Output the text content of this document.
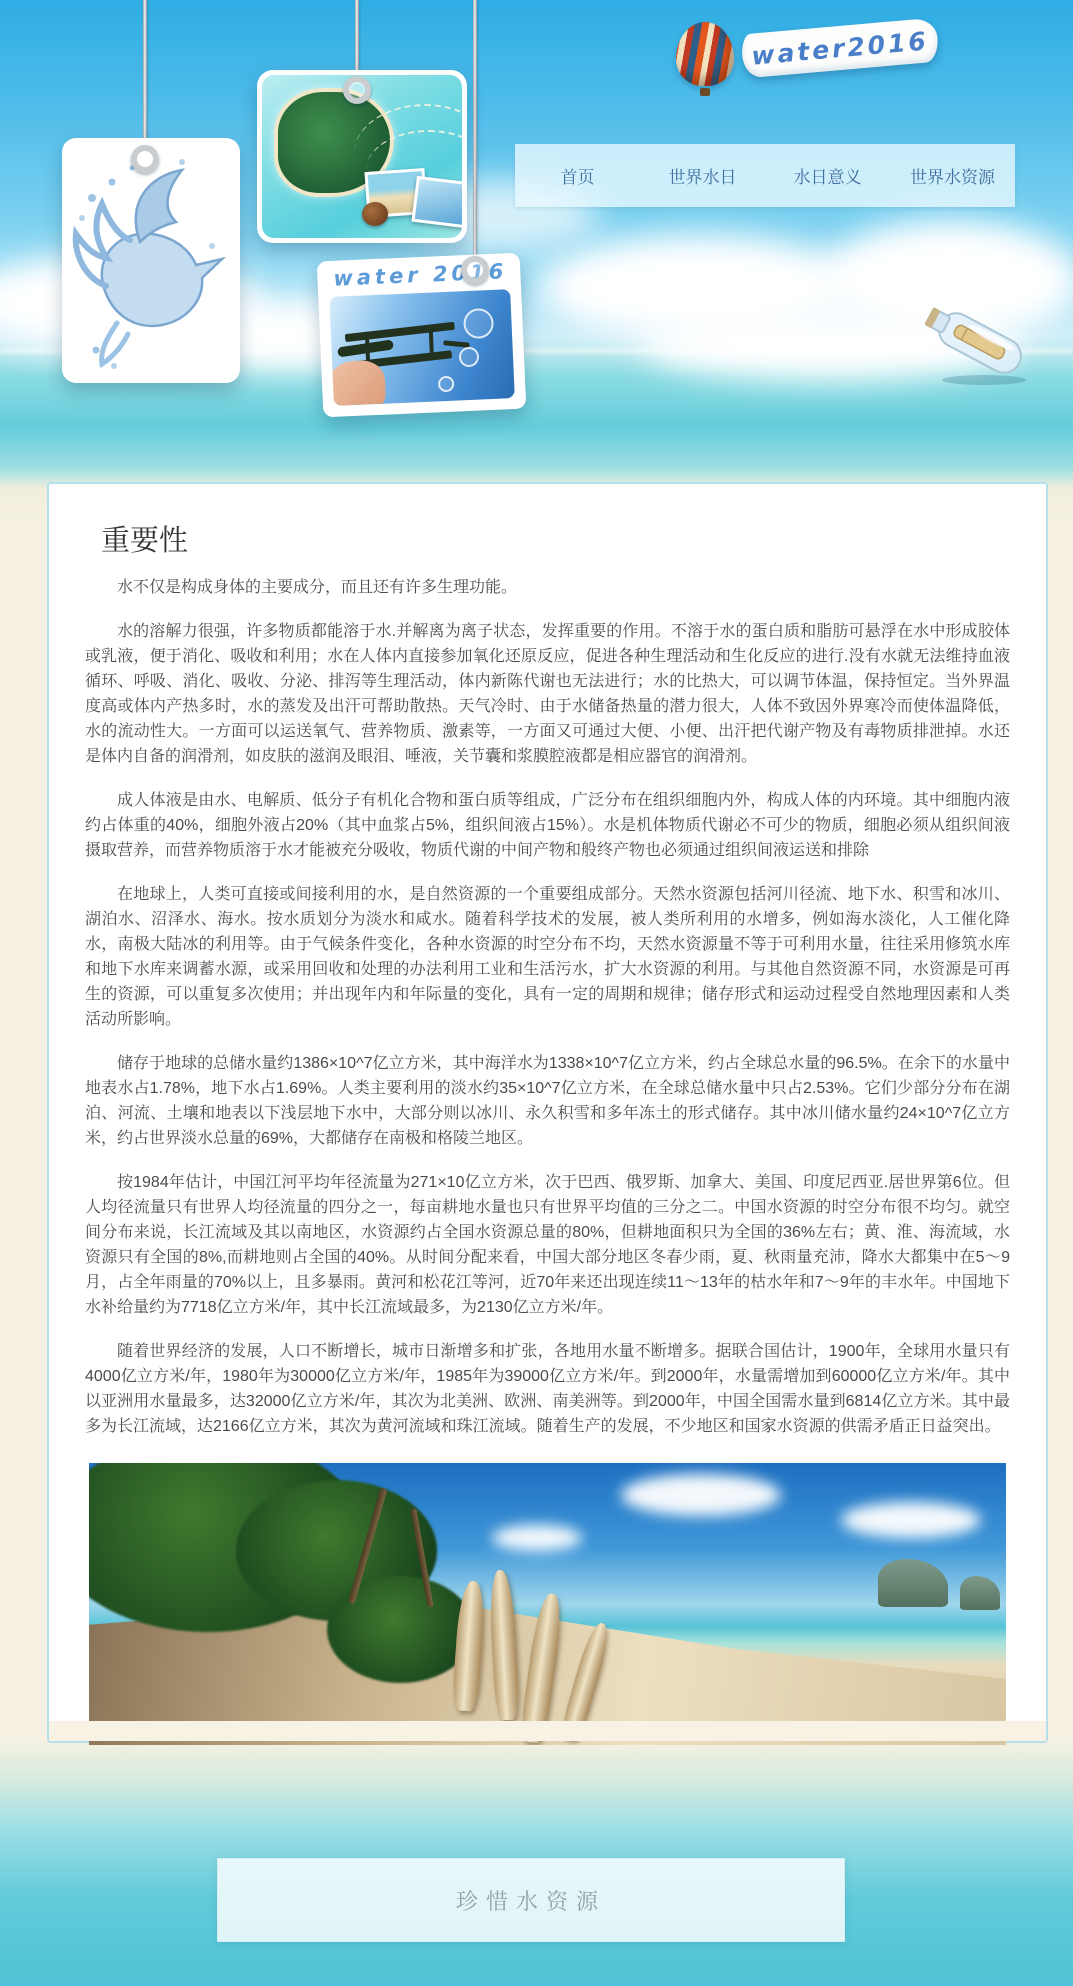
water 2016
water2016
首页	世界水日	水日意义	世界水资源
重要性

水不仅是构成身体的主要成分，而且还有许多生理功能。

水的溶解力很强，许多物质都能溶于水.并解离为离子状态，发挥重要的作用。不溶于水的蛋白质和脂肪可悬浮在水中形成胶体或乳液，便于消化、吸收和利用；水在人体内直接参加氧化还原反应，促进各种生理活动和生化反应的进行.没有水就无法维持血液循环、呼吸、消化、吸收、分泌、排泻等生理活动，体内新陈代谢也无法进行；水的比热大，可以调节体温，保持恒定。当外界温度高或体内产热多时，水的蒸发及出汗可帮助散热。天气冷时、由于水储备热量的潜力很大，人体不致因外界寒冷而使体温降低，水的流动性大。一方面可以运送氧气、营养物质、激素等，一方面又可通过大便、小便、出汗把代谢产物及有毒物质排泄掉。水还是体内自备的润滑剂，如皮肤的滋润及眼泪、唾液，关节囊和浆膜腔液都是相应器官的润滑剂。

成人体液是由水、电解质、低分子有机化合物和蛋白质等组成，广泛分布在组织细胞内外，构成人体的内环境。其中细胞内液约占体重的40%，细胞外液占20%（其中血浆占5%，组织间液占15%）。水是机体物质代谢必不可少的物质，细胞必须从组织间液摄取营养，而营养物质溶于水才能被充分吸收，物质代谢的中间产物和般终产物也必须通过组织间液运送和排除

在地球上，人类可直接或间接利用的水，是自然资源的一个重要组成部分。天然水资源包括河川径流、地下水、积雪和冰川、湖泊水、沼泽水、海水。按水质划分为淡水和咸水。随着科学技术的发展，被人类所利用的水增多，例如海水淡化，人工催化降水，南极大陆冰的利用等。由于气候条件变化，各种水资源的时空分布不均，天然水资源量不等于可利用水量，往往采用修筑水库和地下水库来调蓄水源，或采用回收和处理的办法利用工业和生活污水，扩大水资源的利用。与其他自然资源不同，水资源是可再生的资源，可以重复多次使用；并出现年内和年际量的变化，具有一定的周期和规律；储存形式和运动过程受自然地理因素和人类活动所影响。

储存于地球的总储水量约1386×10^7亿立方米，其中海洋水为1338×10^7亿立方米，约占全球总水量的96.5%。在余下的水量中地表水占1.78%，地下水占1.69%。人类主要利用的淡水约35×10^7亿立方米，在全球总储水量中只占2.53%。它们少部分分布在湖泊、河流、土壤和地表以下浅层地下水中，大部分则以冰川、永久积雪和多年冻土的形式储存。其中冰川储水量约24×10^7亿立方米，约占世界淡水总量的69%，大都储存在南极和格陵兰地区。

按1984年估计，中国江河平均年径流量为271×10亿立方米，次于巴西、俄罗斯、加拿大、美国、印度尼西亚.居世界第6位。但人均径流量只有世界人均径流量的四分之一，每亩耕地水量也只有世界平均值的三分之二。中国水资源的时空分布很不均匀。就空间分布来说，长江流域及其以南地区，水资源约占全国水资源总量的80%，但耕地面积只为全国的36%左右；黄、淮、海流域，水资源只有全国的8%,而耕地则占全国的40%。从时间分配来看，中国大部分地区冬春少雨，夏、秋雨量充沛，降水大都集中在5～9月，占全年雨量的70%以上，且多暴雨。黄河和松花江等河，近70年来还出现连续11～13年的枯水年和7～9年的丰水年。中国地下水补给量约为7718亿立方米/年，其中长江流域最多，为2130亿立方米/年。

随着世界经济的发展，人口不断增长，城市日渐增多和扩张，各地用水量不断增多。据联合国估计，1900年，全球用水量只有4000亿立方米/年，1980年为30000亿立方米/年，1985年为39000亿立方米/年。到2000年，水量需增加到60000亿立方米/年。其中以亚洲用水量最多，达32000亿立方米/年，其次为北美洲、欧洲、南美洲等。到2000年，中国全国需水量到6814亿立方米。其中最多为长江流域，达2166亿立方米，其次为黄河流域和珠江流域。随着生产的发展，不少地区和国家水资源的供需矛盾正日益突出。

珍惜水资源
